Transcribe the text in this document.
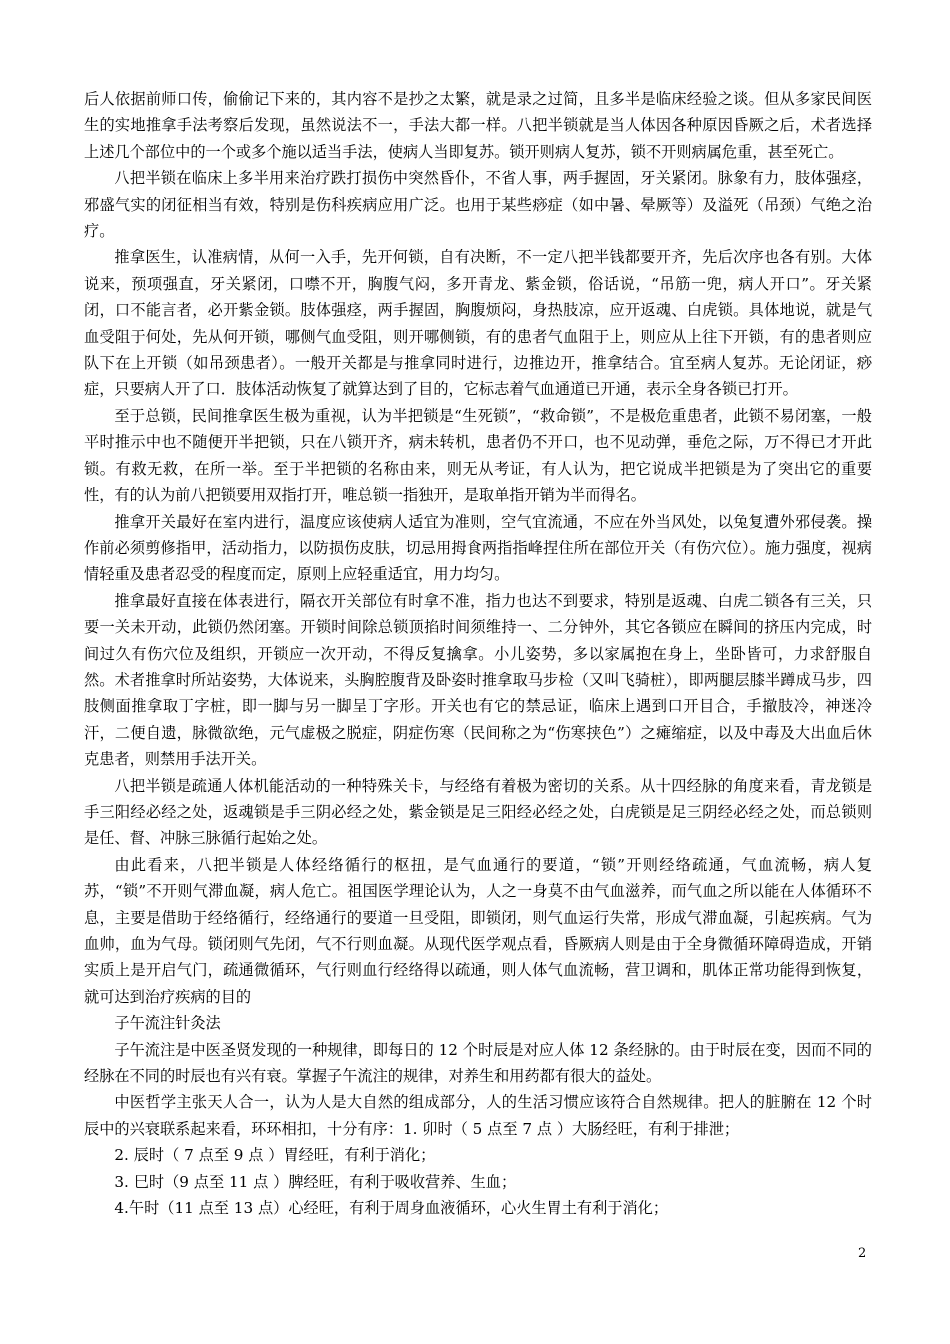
后人依据前师口传，偷偷记下来的，其内容不是抄之太繁，就是录之过简，且多半是临床经验之谈。但从多家民间医生的实地推拿手法考察后发现，虽然说法不一，手法大都一样。八把半锁就是当人体因各种原因昏厥之后，术者选择上述几个部位中的一个或多个施以适当手法，使病人当即复苏。锁开则病人复苏，锁不开则病属危重，甚至死亡。

八把半锁在临床上多半用来治疗跌打损伤中突然昏仆，不省人事，两手握固，牙关紧闭。脉象有力，肢体强痉，邪盛气实的闭征相当有效，特别是伤科疾病应用广泛。也用于某些痧症（如中暑、晕厥等）及溢死（吊颈）气绝之治疗。

推拿医生，认准病情，从何一入手，先开何锁，自有决断，不一定八把半钱都要开齐，先后次序也各有别。大体说来，预项强直，牙关紧闭，口噤不开，胸腹气闷，多开青龙、紫金锁，俗话说，“吊筋一兜，病人开口”。牙关紧闭，口不能言者，必开紫金锁。肢体强痉，两手握固，胸腹烦闷，身热肢凉，应开返魂、白虎锁。具体地说，就是气血受阻于何处，先从何开锁，哪侧气血受阻，则开哪侧锁，有的患者气血阻于上，则应从上往下开锁，有的患者则应队下在上开锁（如吊颈患者）。一般开关都是与推拿同时进行，边推边开，推拿结合。宜至病人复苏。无论闭证，痧症，只要病人开了口．肢体活动恢复了就算达到了目的，它标志着气血通道已开通，表示全身各锁已打开。

至于总锁，民间推拿医生极为重视，认为半把锁是“生死锁”，“救命锁”，不是极危重患者，此锁不易闭塞，一般平时推示中也不随便开半把锁，只在八锁开齐，病未转机，患者仍不开口，也不见动弹，垂危之际，万不得已才开此锁。有救无救，在所一举。至于半把锁的名称由来，则无从考证，有人认为，把它说成半把锁是为了突出它的重要性，有的认为前八把锁要用双指打开，唯总锁一指独开，是取单指开销为半而得名。

推拿开关最好在室内进行，温度应该使病人适宜为准则，空气宜流通，不应在外当风处，以兔复遭外邪侵袭。操作前必须剪修指甲，活动指力，以防损伤皮肤，切忌用拇食两指指峰捏住所在部位开关（有伤穴位）。施力强度，视病情轻重及患者忍受的程度而定，原则上应轻重适宜，用力均匀。

推拿最好直接在体表进行，隔衣开关部位有时拿不准，指力也达不到要求，特别是返魂、白虎二锁各有三关，只要一关未开动，此锁仍然闭塞。开锁时间除总锁顶掐时间须维持一、二分钟外，其它各锁应在瞬间的挤压内完成，时间过久有伤穴位及组织，开锁应一次开动，不得反复擒拿。小儿姿势，多以家属抱在身上，坐卧皆可，力求舒服自然。术者推拿时所站姿势，大体说来，头胸腔腹背及卧姿时推拿取马步检（又叫飞骑桩），即两腿层膝半蹲成马步，四肢侧面推拿取丁字桩，即一脚与另一脚呈丁字形。开关也有它的禁忌证，临床上遇到口开目合，手撤肢冷，神迷冷汗，二便自遗，脉微欲绝，元气虚极之脱症，阴症伤寒（民间称之为“伤寒挟色”）之瘫缩症，以及中毒及大出血后休克患者，则禁用手法开关。

八把半锁是疏通人体机能活动的一种特殊关卡，与经络有着极为密切的关系。从十四经脉的角度来看，青龙锁是手三阳经必经之处，返魂锁是手三阴必经之处，紫金锁是足三阳经必经之处，白虎锁是足三阴经必经之处，而总锁则是任、督、冲脉三脉循行起始之处。

由此看来，八把半锁是人体经络循行的枢扭，是气血通行的要道，“锁”开则经络疏通，气血流畅，病人复苏，“锁”不开则气滞血凝，病人危亡。祖国医学理论认为，人之一身莫不由气血滋养，而气血之所以能在人体循环不息，主要是借助于经络循行，经络通行的要道一旦受阻，即锁闭，则气血运行失常，形成气滞血凝，引起疾病。气为血帅，血为气母。锁闭则气先闭，气不行则血凝。从现代医学观点看，昏厥病人则是由于全身微循环障碍造成，开销实质上是开启气门，疏通微循环，气行则血行经络得以疏通，则人体气血流畅，营卫调和，肌体正常功能得到恢复，就可达到治疗疾病的目的

子午流注针灸法

子午流注是中医圣贤发现的一种规律，即每日的 12 个时辰是对应人体 12 条经脉的。由于时辰在变，因而不同的经脉在不同的时辰也有兴有衰。掌握子午流注的规律，对养生和用药都有很大的益处。

中医哲学主张天人合一，认为人是大自然的组成部分，人的生活习惯应该符合自然规律。把人的脏腑在 12 个时辰中的兴衰联系起来看，环环相扣，十分有序：1. 卯时（ 5 点至 7 点 ）大肠经旺，有利于排泄；

2. 辰时（ 7 点至 9 点 ）胃经旺，有利于消化；

3. 巳时（9 点至 11 点 ）脾经旺，有利于吸收营养、生血；

4.午时（11 点至 13 点）心经旺，有利于周身血液循环，心火生胃土有利于消化；

2
